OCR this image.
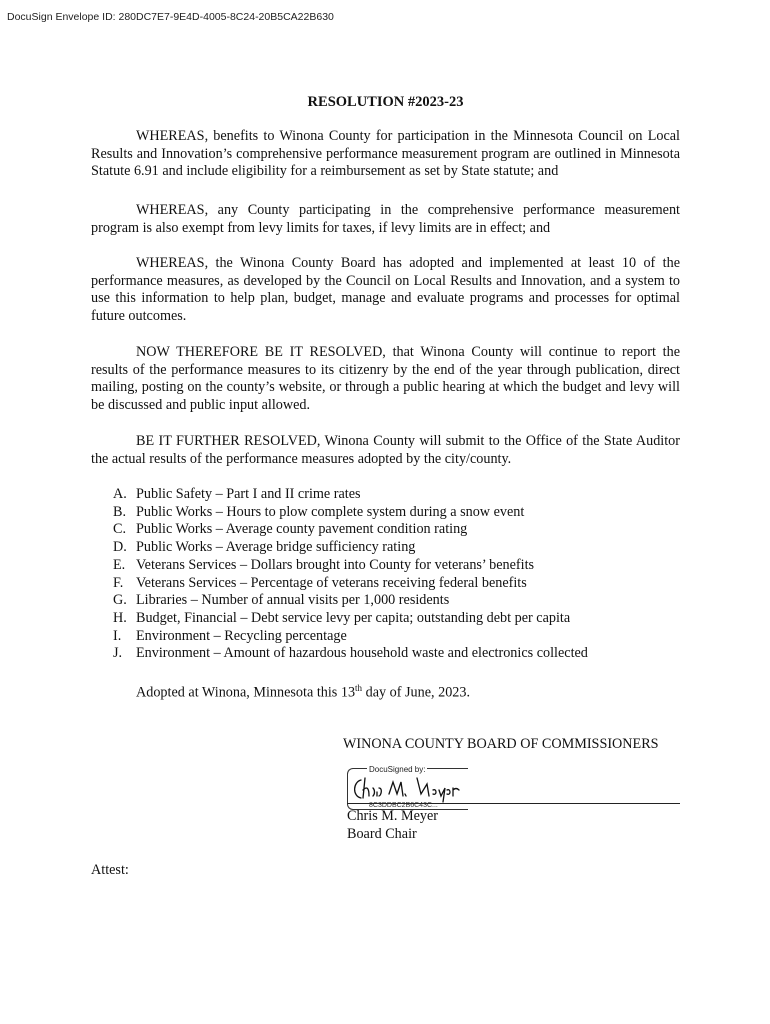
DocuSign Envelope ID: 280DC7E7-9E4D-4005-8C24-20B5CA22B630
RESOLUTION #2023-23

WHEREAS, benefits to Winona County for participation in the Minnesota Council on Local Results and Innovation’s comprehensive performance measurement program are outlined in Minnesota Statute 6.91 and include eligibility for a reimbursement as set by State statute; and

WHEREAS, any County participating in the comprehensive performance measurement program is also exempt from levy limits for taxes, if levy limits are in effect; and

WHEREAS, the Winona County Board has adopted and implemented at least 10 of the performance measures, as developed by the Council on Local Results and Innovation, and a system to use this information to help plan, budget, manage and evaluate programs and processes for optimal future outcomes.

NOW THEREFORE BE IT RESOLVED, that Winona County will continue to report the results of the performance measures to its citizenry by the end of the year through publication, direct mailing, posting on the county’s website, or through a public hearing at which the budget and levy will be discussed and public input allowed.

BE IT FURTHER RESOLVED, Winona County will submit to the Office of the State Auditor the actual results of the performance measures adopted by the city/county.

A. Public Safety – Part I and II crime rates
B. Public Works – Hours to plow complete system during a snow event
C. Public Works – Average county pavement condition rating
D. Public Works – Average bridge sufficiency rating
E. Veterans Services – Dollars brought into County for veterans’ benefits
F. Veterans Services – Percentage of veterans receiving federal benefits
G. Libraries – Number of annual visits per 1,000 residents
H. Budget, Financial – Debt service levy per capita; outstanding debt per capita
I.	Environment – Recycling percentage
J. Environment – Amount of hazardous household waste and electronics collected
Adopted at Winona, Minnesota this 13th day of June, 2023.
WINONA COUNTY BOARD OF COMMISSIONERS
DocuSigned by:
8C3DDBC2B6C43C...
Chris M. Meyer
Board Chair
Attest:
